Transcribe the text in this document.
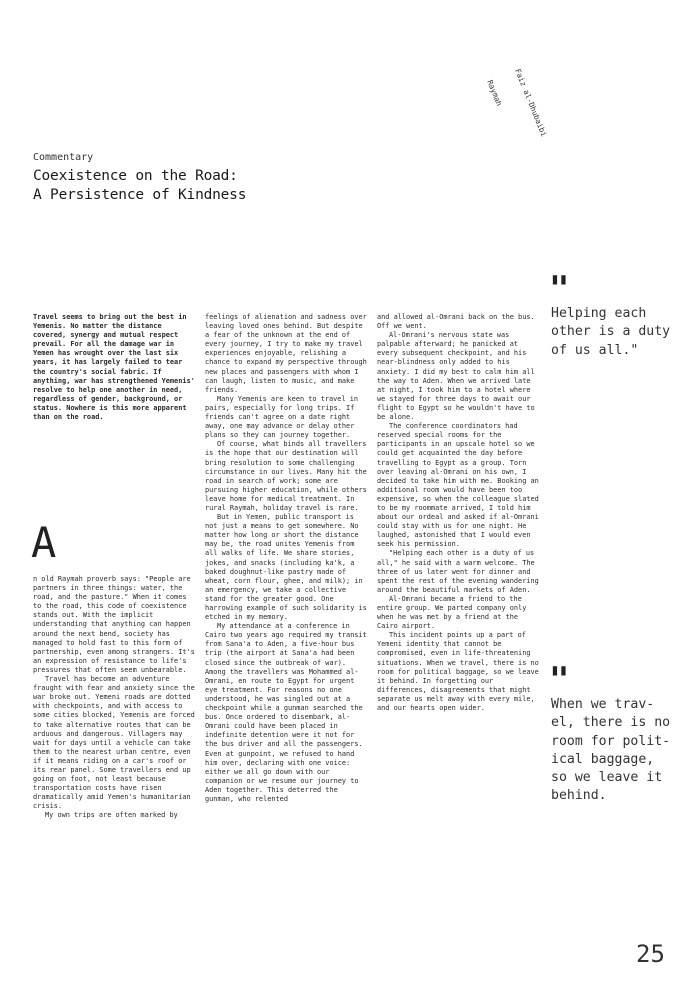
Faiz al-Dhubaibi

Raymah

Commentary
Coexistence on the Road:
A Persistence of Kindness

Travel seems to bring out the best in Yemenis. No matter the distance covered, synergy and mutual respect prevail. For all the damage war in Yemen has wrought over the last six years, it has largely failed to tear the country's social fabric. If anything, war has strengthened Yemenis' resolve to help one another in need, regardless of gender, background, or status. Nowhere is this more apparent than on the road.

A

n old Raymah proverb says: "People are partners in three things: water, the road, and the pasture." When it comes to the road, this code of coexistence stands out. With the implicit understanding that anything can happen around the next bend, society has managed to hold fast to this form of partnership, even among strangers. It's an expression of resistance to life's pressures that often seem unbearable.

Travel has become an adventure fraught with fear and anxiety since the war broke out. Yemeni roads are dotted with checkpoints, and with access to some cities blocked, Yemenis are forced to take alternative routes that can be arduous and dangerous. Villagers may wait for days until a vehicle can take them to the nearest urban centre, even if it means riding on a car's roof or its rear panel. Some travellers end up going on foot, not least because transportation costs have risen dramatically amid Yemen's humanitarian crisis.

My own trips are often marked by

feelings of alienation and sadness over leaving loved ones behind. But despite a fear of the unknown at the end of every journey, I try to make my travel experiences enjoyable, relishing a chance to expand my perspective through new places and passengers with whom I can laugh, listen to music, and make friends.

Many Yemenis are keen to travel in pairs, especially for long trips. If friends can't agree on a date right away, one may advance or delay other plans so they can journey together.

Of course, what binds all travellers is the hope that our destination will bring resolution to some challenging circumstance in our lives. Many hit the road in search of work; some are pursuing higher education, while others leave home for medical treatment. In rural Raymah, holiday travel is rare.

But in Yemen, public transport is not just a means to get somewhere. No matter how long or short the distance may be, the road unites Yemenis from all walks of life. We share stories, jokes, and snacks (including ka'k, a baked doughnut-like pastry made of wheat, corn flour, ghee, and milk); in an emergency, we take a collective stand for the greater good. One harrowing example of such solidarity is etched in my memory.

My attendance at a conference in Cairo two years ago required my transit from Sana'a to Aden, a five-hour bus trip (the airport at Sana'a had been closed since the outbreak of war). Among the travellers was Mohammed al-Omrani, en route to Egypt for urgent eye treatment. For reasons no one understood, he was singled out at a checkpoint while a gunman searched the bus. Once ordered to disembark, al-Omrani could have been placed in indefinite detention were it not for the bus driver and all the passengers. Even at gunpoint, we refused to hand him over, declaring with one voice: either we all go down with our companion or we resume our journey to Aden together. This deterred the gunman, who relented

and allowed al-Omrani back on the bus. Off we went.

Al-Omrani's nervous state was palpable afterward; he panicked at every subsequent checkpoint, and his near-blindness only added to his anxiety. I did my best to calm him all the way to Aden. When we arrived late at night, I took him to a hotel where we stayed for three days to await our flight to Egypt so he wouldn't have to be alone.

The conference coordinators had reserved special rooms for the participants in an upscale hotel so we could get acquainted the day before travelling to Egypt as a group. Torn over leaving al-Omrani on his own, I decided to take him with me. Booking an additional room would have been too expensive, so when the colleague slated to be my roommate arrived, I told him about our ordeal and asked if al-Omrani could stay with us for one night. He laughed, astonished that I would even seek his permission.

"Helping each other is a duty of us all," he said with a warm welcome. The three of us later went for dinner and spent the rest of the evening wandering around the beautiful markets of Aden.

Al-Omrani became a friend to the entire group. We parted company only when he was met by a friend at the Cairo airport.

This incident points up a part of Yemeni identity that cannot be compromised, even in life-threatening situations. When we travel, there is no room for political baggage, so we leave it behind. In forgetting our differences, disagreements that might separate us melt away with every mile, and our hearts open wider.

"
Helping each
other is a duty
of us all."
"
When we trav-
el, there is no
room for polit-
ical baggage,
so we leave it
behind.
25
